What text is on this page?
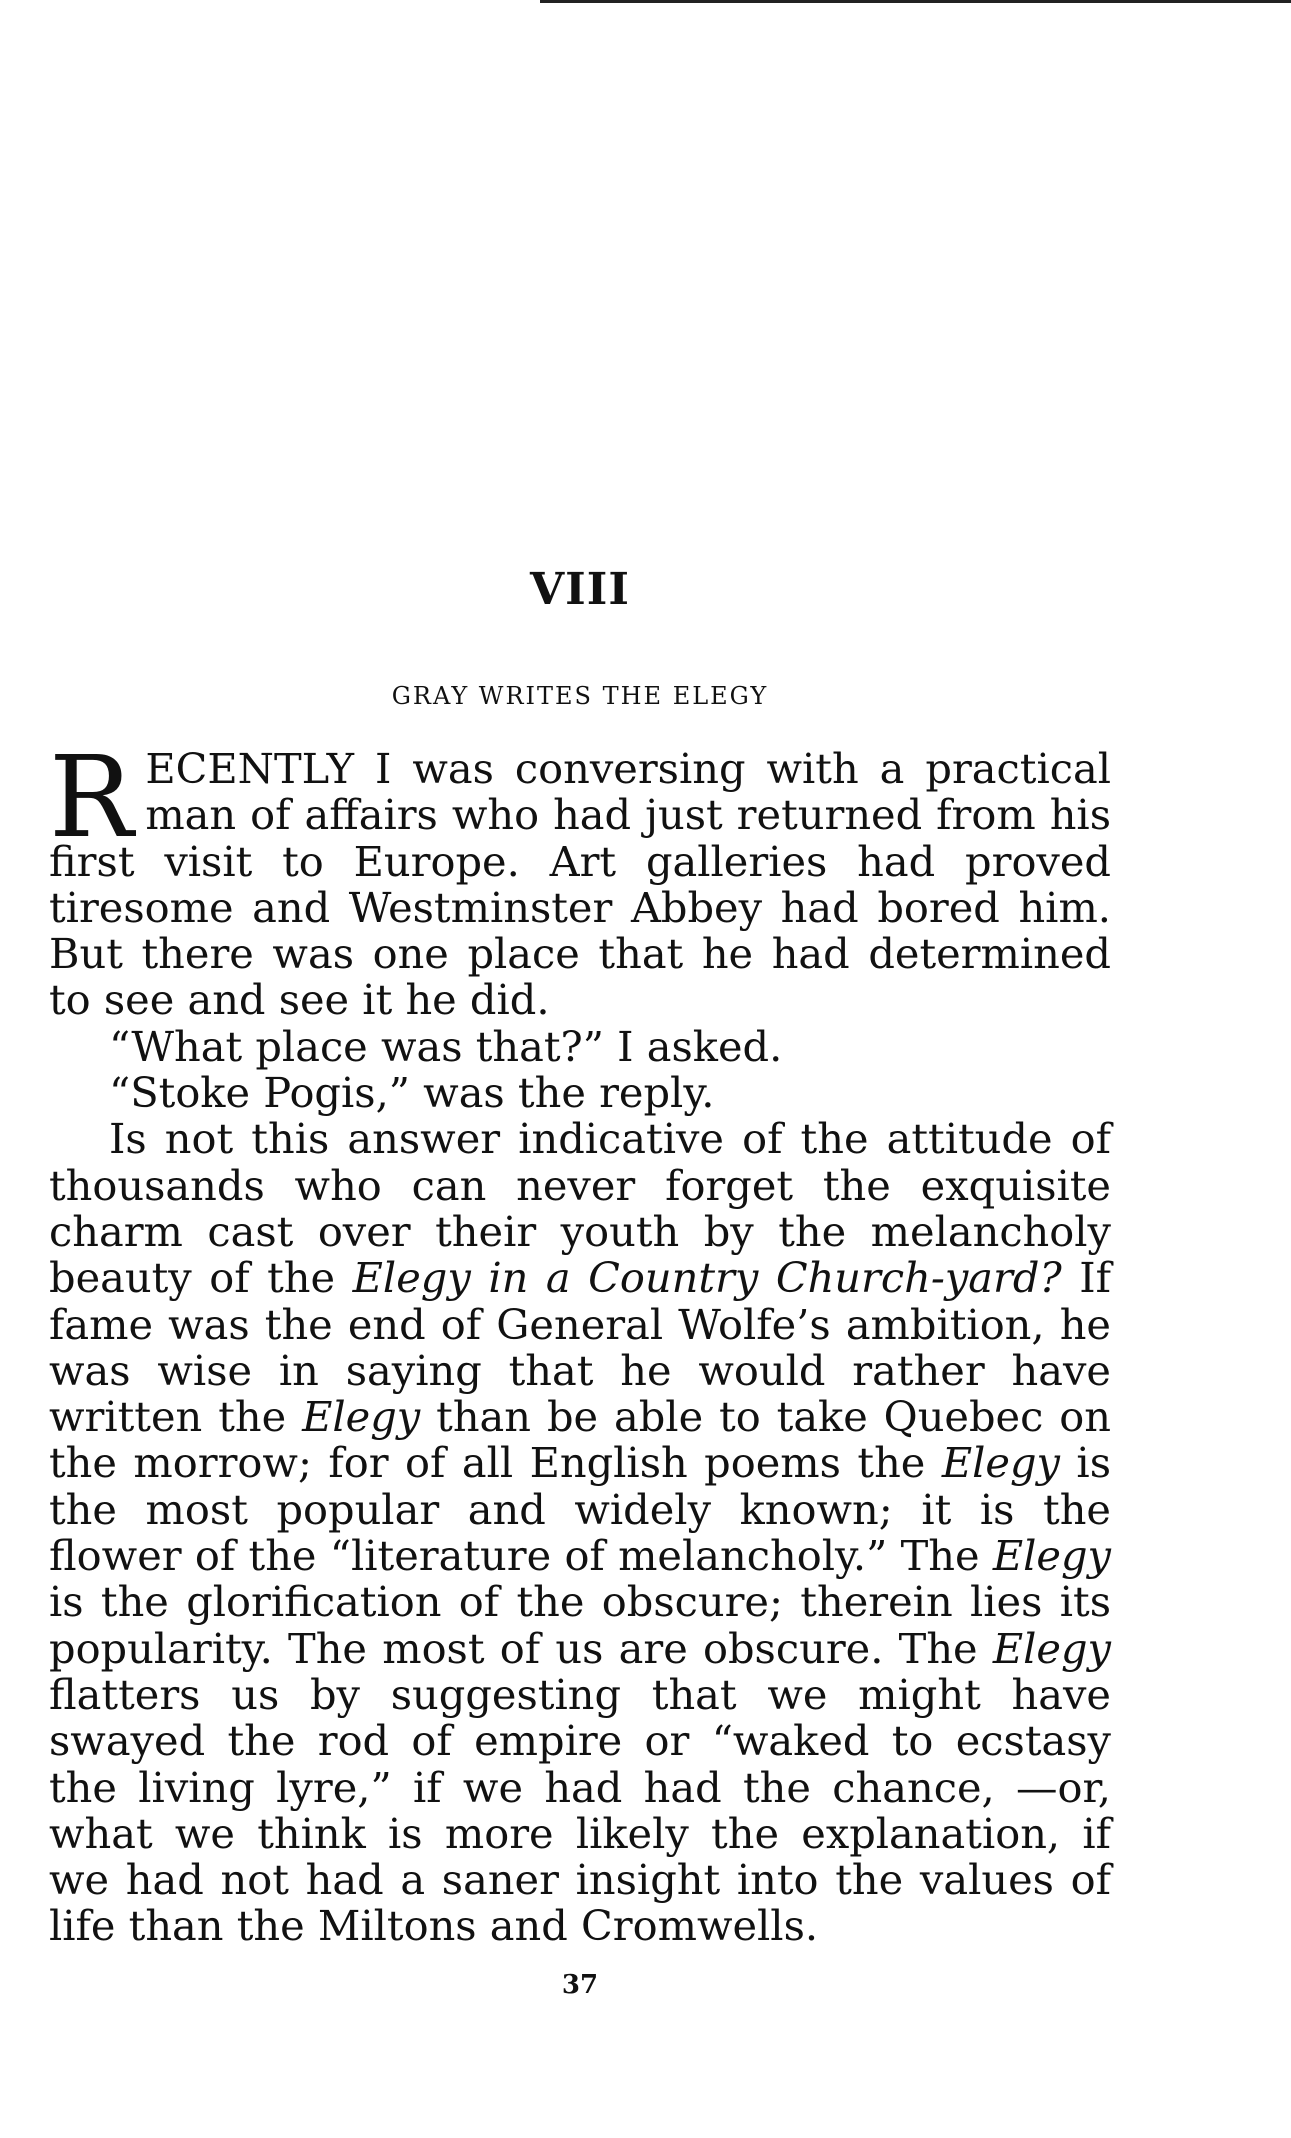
VIII
GRAY WRITES THE ELEGY

RECENTLY I was conversing with a practical man of affairs who had just returned from his first visit to Europe. Art galleries had proved tiresome and Westminster Abbey had bored him. But there was one place that he had determined to see and see it he did.

“What place was that?” I asked.

“Stoke Pogis,” was the reply.

Is not this answer indicative of the attitude of thousands who can never forget the exquisite charm cast over their youth by the melancholy beauty of the Elegy in a Country Church-yard? If fame was the end of General Wolfe’s ambition, he was wise in saying that he would rather have written the Elegy than be able to take Quebec on the morrow; for of all English poems the Elegy is the most popular and widely known; it is the flower of the “literature of melancholy.” The Elegy is the glorification of the obscure; therein lies its popularity. The most of us are obscure. The Elegy flatters us by suggesting that we might have swayed the rod of empire or “waked to ecstasy the living lyre,” if we had had the chance, —or, what we think is more likely the explanation, if we had not had a saner insight into the values of life than the Miltons and Cromwells.

37
